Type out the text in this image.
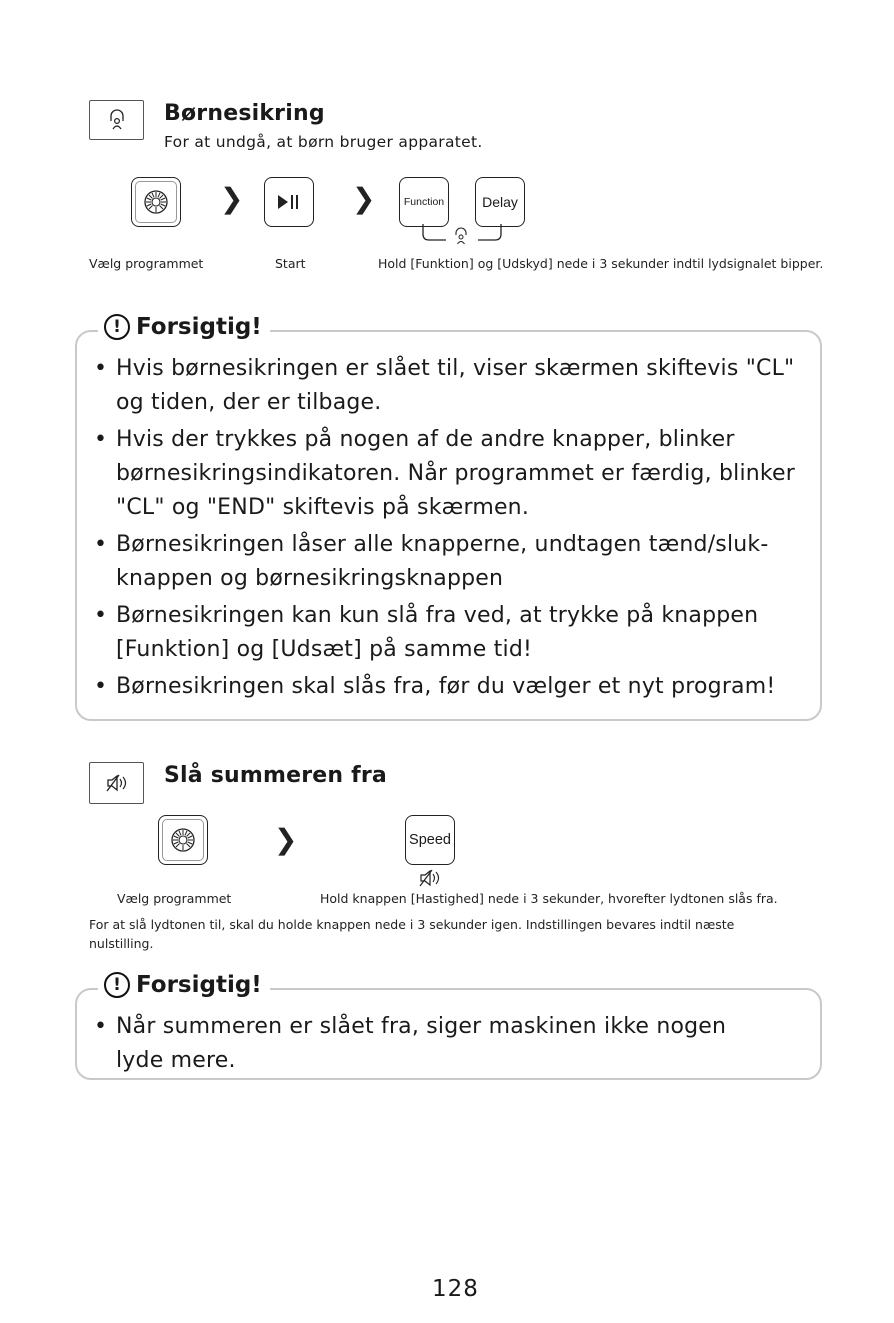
Børnesikring
For at undgå, at børn bruger apparatet.
❯	❯	Function	Delay
Vælg programmet	Start	Hold [Funktion] og [Udskyd] nede i 3 sekunder indtil lydsignalet bipper.
! Forsigtig!
• Hvis børnesikringen er slået til, viser skærmen skiftevis "CL" og tiden, der er tilbage.
• Hvis der trykkes på nogen af de andre knapper, blinker børnesikringsindikatoren. Når programmet er færdig, blinker "CL" og "END" skiftevis på skærmen.
• Børnesikringen låser alle knapperne, undtagen tænd/sluk-knappen og børnesikringsknappen
• Børnesikringen kan kun slå fra ved, at trykke på knappen [Funktion] og [Udsæt] på samme tid!
• Børnesikringen skal slås fra, før du vælger et nyt program!
Slå summeren fra
❯	Speed
Vælg programmet	Hold knappen [Hastighed] nede i 3 sekunder, hvorefter lydtonen slås fra.
For at slå lydtonen til, skal du holde knappen nede i 3 sekunder igen. Indstillingen bevares indtil næste nulstilling.
! Forsigtig!
• Når summeren er slået fra, siger maskinen ikke nogen lyde mere.
128
